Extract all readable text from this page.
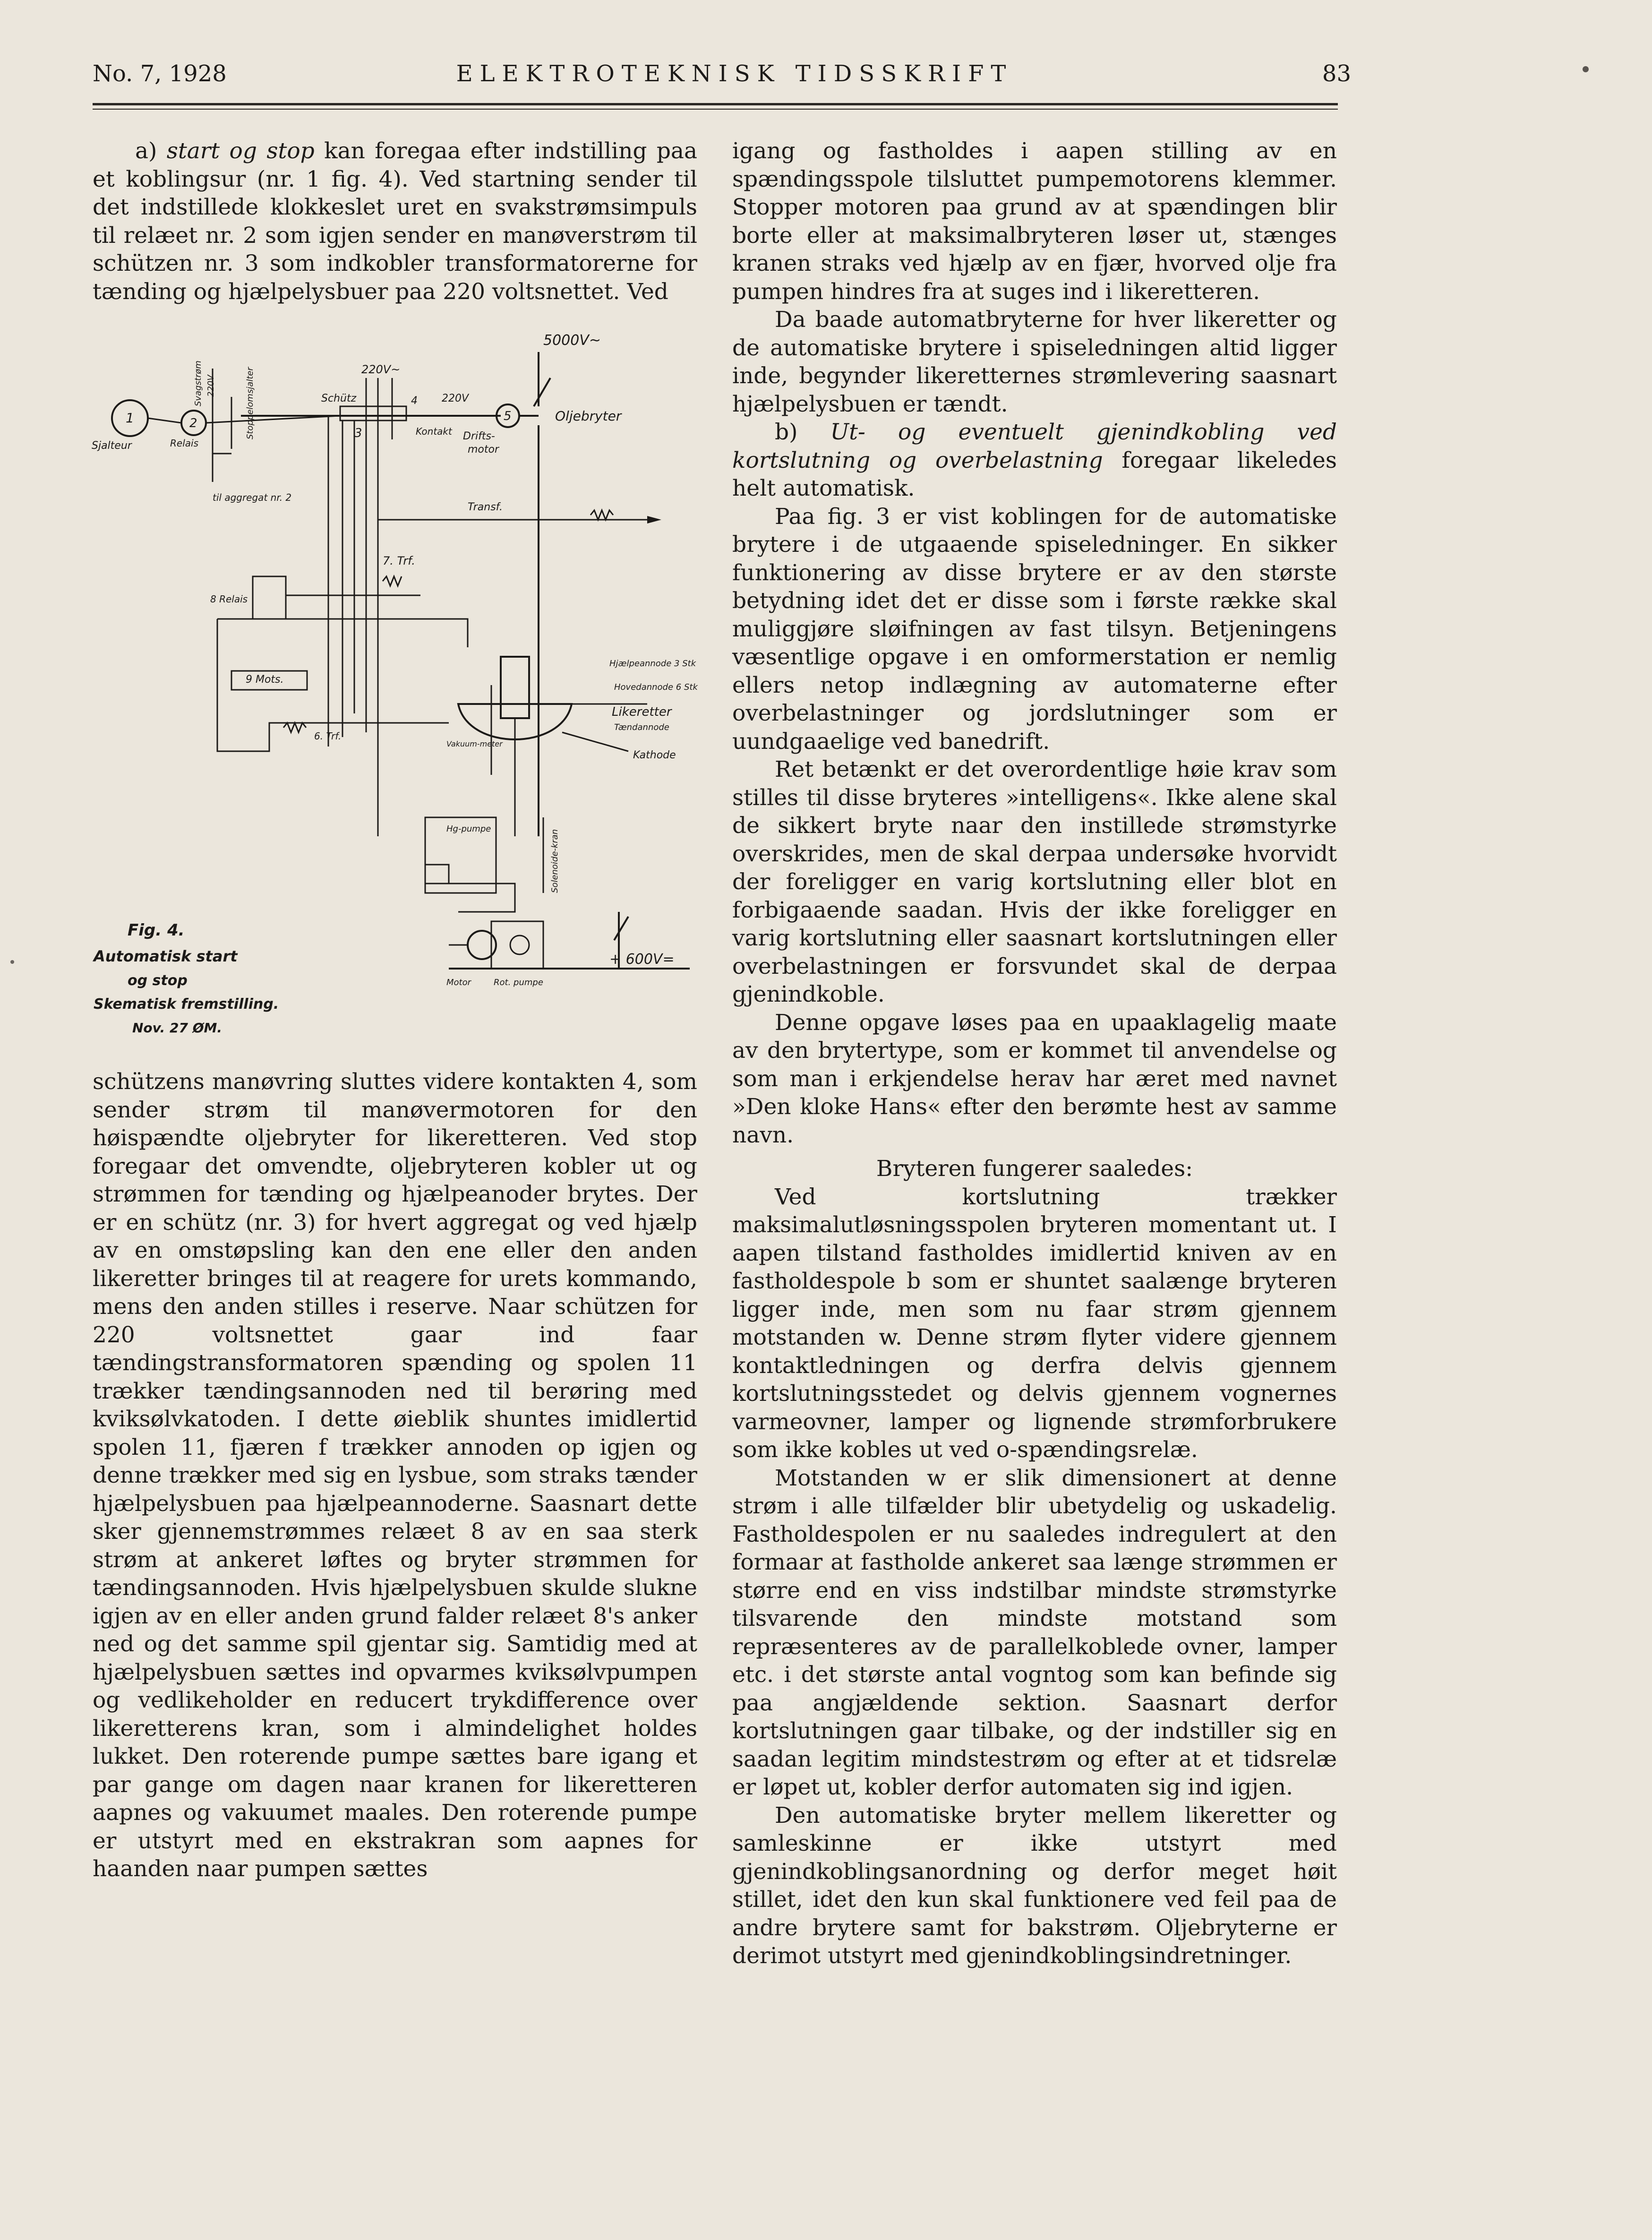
No. 7, 1928	ELEKTROTEKNISK TIDSSKRIFT	83

a) start og stop kan foregaa efter indstilling paa et koblingsur (nr. 1 fig. 4). Ved startning sender til det indstillede klokkeslet uret en svakstrømsimpuls til relæet nr. 2 som igjen sender en manøverstrøm til schützen nr. 3 som indkobler transformatorerne for tænding og hjælpelysbuer paa 220 voltsnettet. Ved

5000V~
220V~
Schütz	4 220V
3	Kontakt
5	Oljebryter
Drifts-
motor
1	2
Sjalteur	Relais
Svagstrøm 220V	Stoppelomsjalter
til aggregat nr. 2
Transf.
7. Trf.
8 Relais
9 Mots.
6. Trf.
Hjælpeannode 3 Stk
Hovedannode 6 Stk
Likeretter
Tændannode
Vakuum-meter
Kathode
Hg-pumpe
Solenoide-kran
Motor	Rot. pumpe
+ 600V=
Fig. 4.
Automatisk start
og stop
Skematisk fremstilling.
Nov. 27 ØM.

schützens manøvring sluttes videre kontakten 4, som sender strøm til manøvermotoren for den høispændte oljebryter for likeretteren. Ved stop foregaar det omvendte, oljebryteren kobler ut og strømmen for tænding og hjælpeanoder brytes. Der er en schütz (nr. 3) for hvert aggregat og ved hjælp av en omstøpsling kan den ene eller den anden likeretter bringes til at reagere for urets kommando, mens den anden stilles i reserve. Naar schützen for 220 voltsnettet gaar ind faar tændingstransformatoren spænding og spolen 11 trækker tændingsannoden ned til berøring med kviksølvkatoden. I dette øieblik shuntes imidlertid spolen 11, fjæren f trækker annoden op igjen og denne trækker med sig en lysbue, som straks tænder hjælpelysbuen paa hjælpeannoderne. Saasnart dette sker gjennemstrømmes relæet 8 av en saa sterk strøm at ankeret løftes og bryter strømmen for tændingsannoden. Hvis hjælpelysbuen skulde slukne igjen av en eller anden grund falder relæet 8's anker ned og det samme spil gjentar sig. Samtidig med at hjælpelysbuen sættes ind opvarmes kviksølvpumpen og vedlikeholder en reducert trykdifference over likeretterens kran, som i almindelighet holdes lukket. Den roterende pumpe sættes bare igang et par gange om dagen naar kranen for likeretteren aapnes og vakuumet maales. Den roterende pumpe er utstyrt med en ekstrakran som aapnes for haanden naar pumpen sættes

igang og fastholdes i aapen stilling av en spændingsspole tilsluttet pumpemotorens klemmer. Stopper motoren paa grund av at spændingen blir borte eller at maksimalbryteren løser ut, stænges kranen straks ved hjælp av en fjær, hvorved olje fra pumpen hindres fra at suges ind i likeretteren.

Da baade automatbryterne for hver likeretter og de automatiske brytere i spiseledningen altid ligger inde, begynder likeretternes strømlevering saasnart hjælpelysbuen er tændt.

b) Ut- og eventuelt gjenindkobling ved kortslutning og overbelastning foregaar likeledes helt automatisk.

Paa fig. 3 er vist koblingen for de automatiske brytere i de utgaaende spiseledninger. En sikker funktionering av disse brytere er av den største betydning idet det er disse som i første række skal muliggjøre sløifningen av fast tilsyn. Betjeningens væsentlige opgave i en omformerstation er nemlig ellers netop indlægning av automaterne efter overbelastninger og jordslutninger som er uundgaaelige ved banedrift.

Ret betænkt er det overordentlige høie krav som stilles til disse bryteres »intelligens«. Ikke alene skal de sikkert bryte naar den instillede strømstyrke overskrides, men de skal derpaa undersøke hvorvidt der foreligger en varig kortslutning eller blot en forbigaaende saadan. Hvis der ikke foreligger en varig kortslutning eller saasnart kortslutningen eller overbelastningen er forsvundet skal de derpaa gjenindkoble.

Denne opgave løses paa en upaaklagelig maate av den brytertype, som er kommet til anvendelse og som man i erkjendelse herav har æret med navnet »Den kloke Hans« efter den berømte hest av samme navn.

Bryteren fungerer saaledes:

Ved kortslutning trækker maksimalutløsningsspolen bryteren momentant ut. I aapen tilstand fastholdes imidlertid kniven av en fastholdespole b som er shuntet saalænge bryteren ligger inde, men som nu faar strøm gjennem motstanden w. Denne strøm flyter videre gjennem kontaktledningen og derfra delvis gjennem kortslutningsstedet og delvis gjennem vognernes varmeovner, lamper og lignende strømforbrukere som ikke kobles ut ved o-spændingsrelæ.

Motstanden w er slik dimensionert at denne strøm i alle tilfælder blir ubetydelig og uskadelig. Fastholdespolen er nu saaledes indregulert at den formaar at fastholde ankeret saa længe strømmen er større end en viss indstilbar mindste strømstyrke tilsvarende den mindste motstand som repræsenteres av de parallelkoblede ovner, lamper etc. i det største antal vogntog som kan befinde sig paa angjældende sektion. Saasnart derfor kortslutningen gaar tilbake, og der indstiller sig en saadan legitim mindstestrøm og efter at et tidsrelæ er løpet ut, kobler derfor automaten sig ind igjen.

Den automatiske bryter mellem likeretter og samleskinne er ikke utstyrt med gjenindkoblingsanordning og derfor meget høit stillet, idet den kun skal funktionere ved feil paa de andre brytere samt for bakstrøm. Oljebryterne er derimot utstyrt med gjenindkoblingsindretninger.
